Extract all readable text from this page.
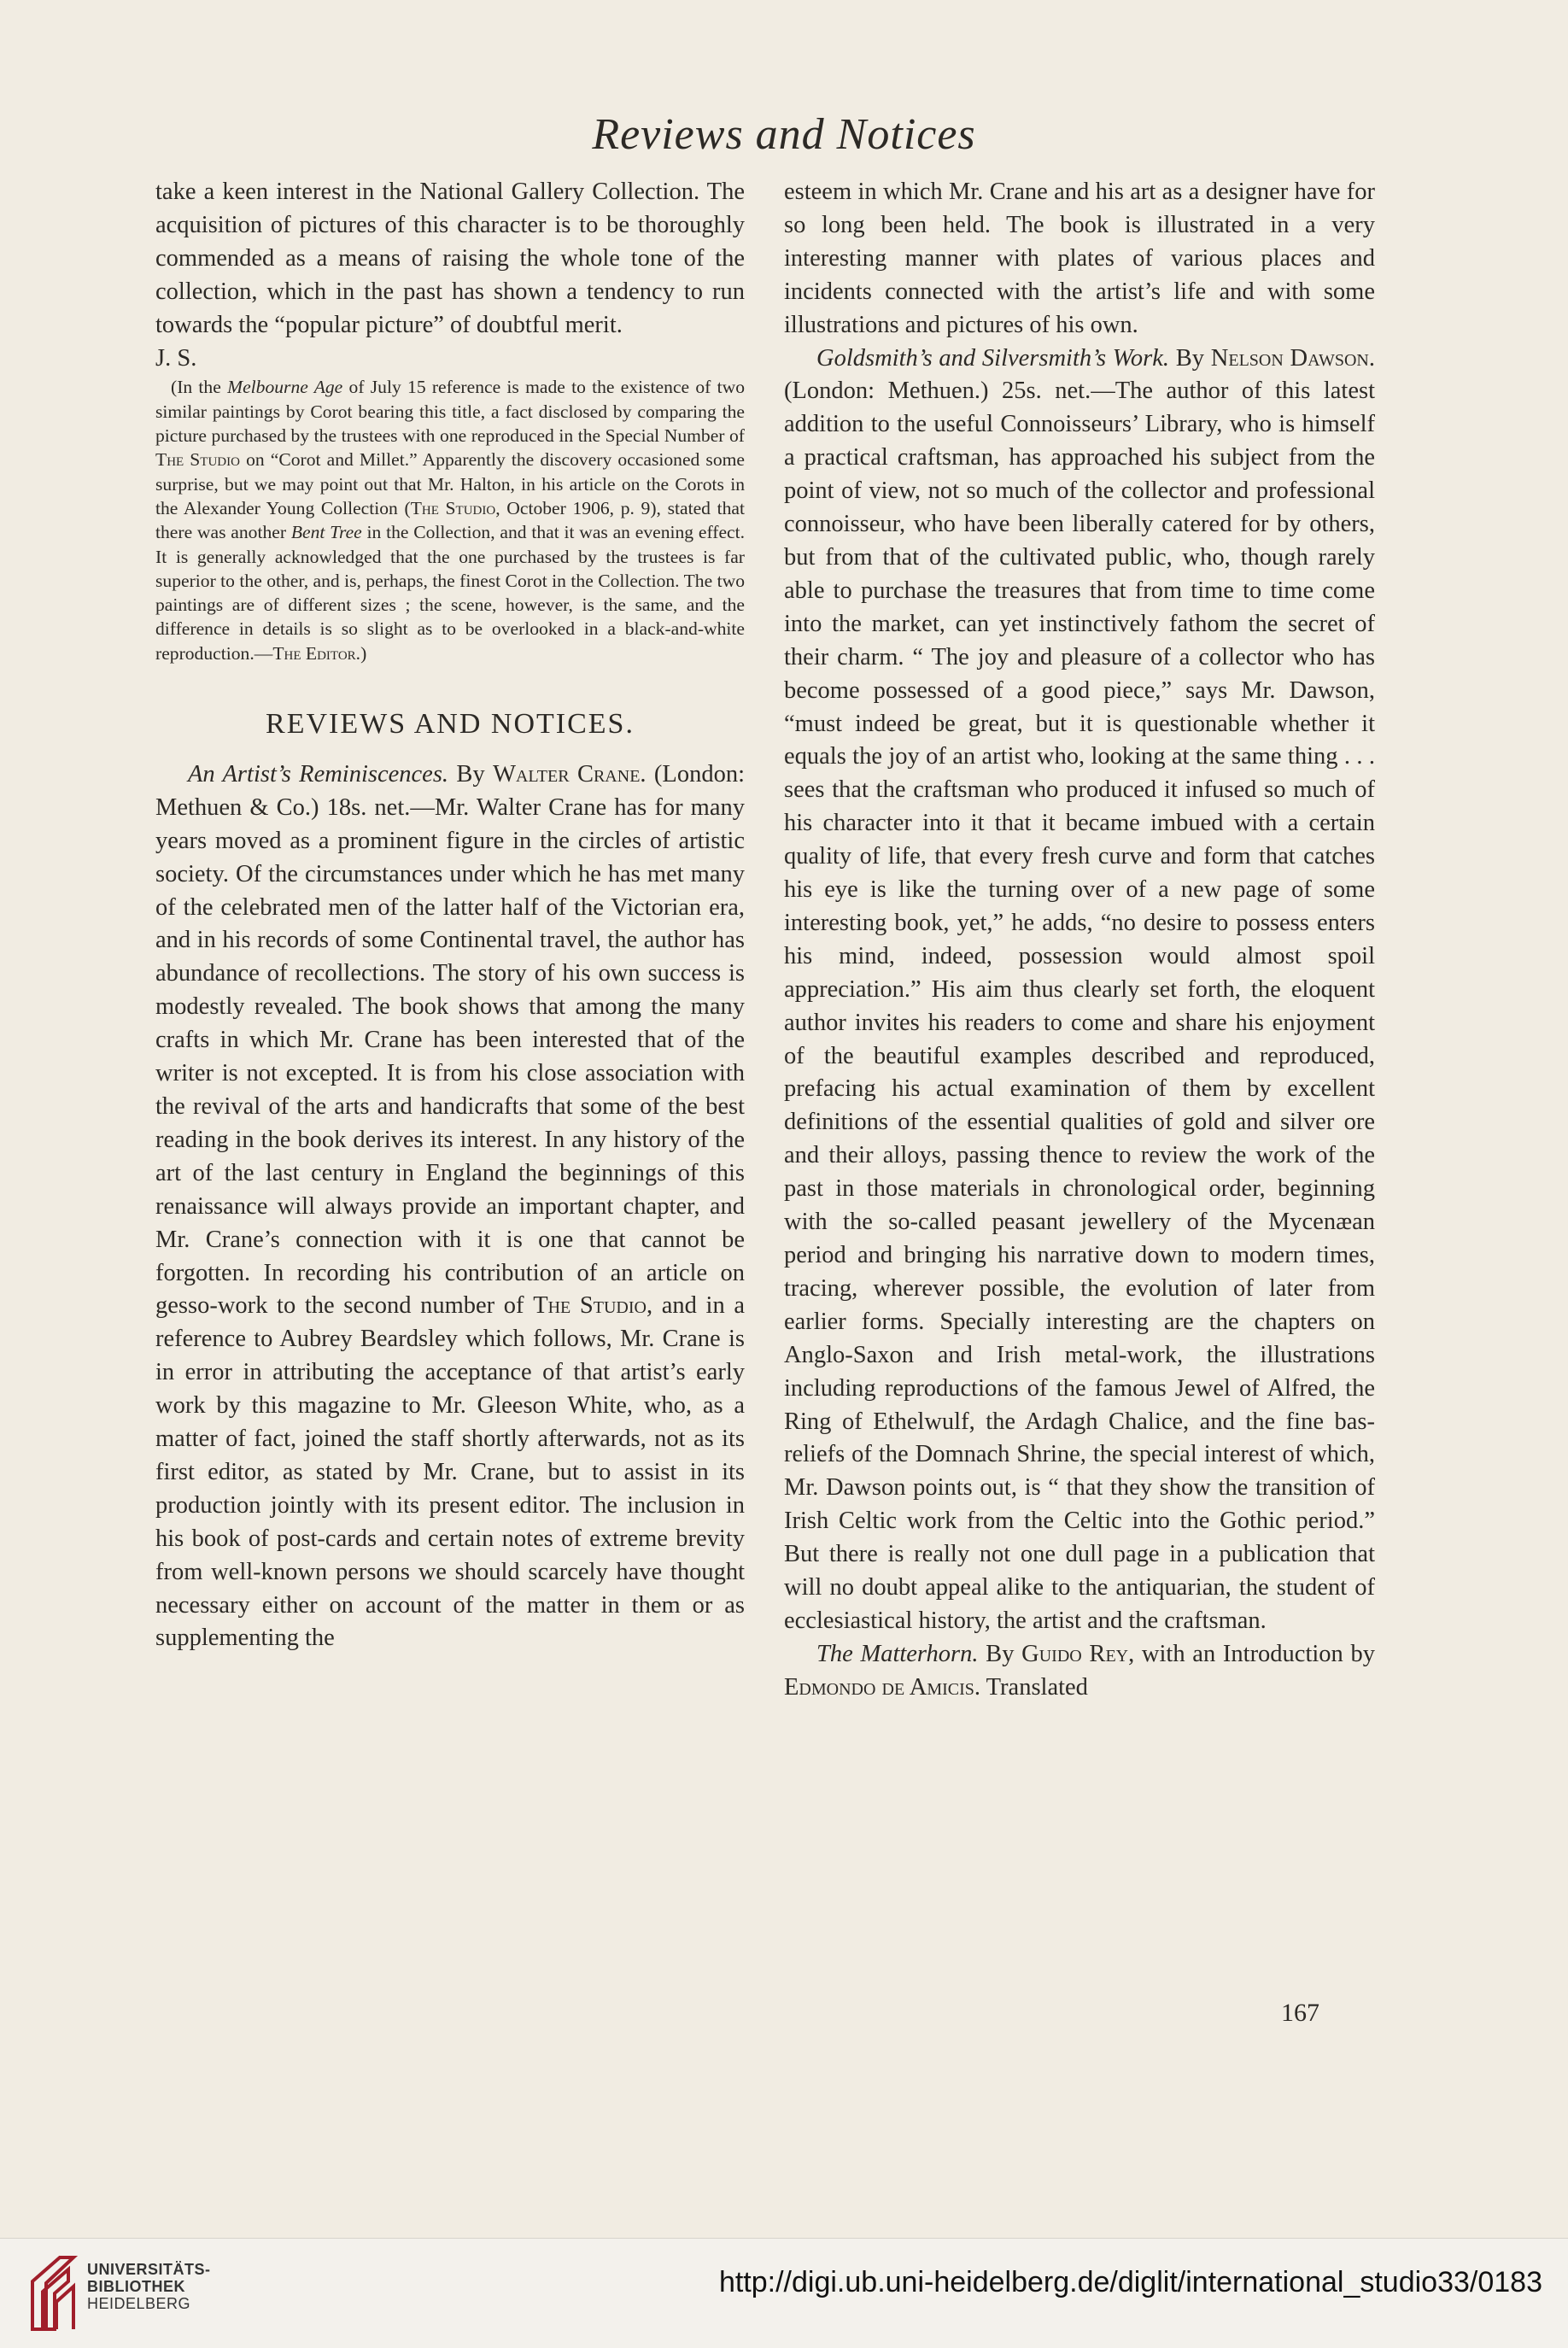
Reviews and Notices

take a keen interest in the National Gallery Collection. The acquisition of pictures of this character is to be thoroughly commended as a means of raising the whole tone of the collection, which in the past has shown a tendency to run towards the “popular picture” of doubtful merit.

J. S.

(In the Melbourne Age of July 15 reference is made to the existence of two similar paintings by Corot bearing this title, a fact disclosed by comparing the picture purchased by the trustees with one reproduced in the Special Number of The Studio on “Corot and Millet.” Apparently the discovery occasioned some surprise, but we may point out that Mr. Halton, in his article on the Corots in the Alexander Young Collection (The Studio, October 1906, p. 9), stated that there was another Bent Tree in the Collection, and that it was an evening effect. It is generally acknowledged that the one purchased by the trustees is far superior to the other, and is, perhaps, the finest Corot in the Collection. The two paintings are of different sizes ; the scene, however, is the same, and the difference in details is so slight as to be overlooked in a black-and-white reproduction.—The Editor.)

REVIEWS AND NOTICES.

An Artist’s Reminiscences. By Walter Crane. (London: Methuen & Co.) 18s. net.—Mr. Walter Crane has for many years moved as a prominent figure in the circles of artistic society. Of the circumstances under which he has met many of the celebrated men of the latter half of the Victorian era, and in his records of some Continental travel, the author has abundance of recollections. The story of his own success is modestly revealed. The book shows that among the many crafts in which Mr. Crane has been interested that of the writer is not excepted. It is from his close association with the revival of the arts and handicrafts that some of the best reading in the book derives its interest. In any history of the art of the last century in England the beginnings of this renaissance will always provide an important chapter, and Mr. Crane’s connection with it is one that cannot be forgotten. In recording his contribution of an article on gesso-work to the second number of The Studio, and in a reference to Aubrey Beardsley which follows, Mr. Crane is in error in attributing the acceptance of that artist’s early work by this magazine to Mr. Gleeson White, who, as a matter of fact, joined the staff shortly afterwards, not as its first editor, as stated by Mr. Crane, but to assist in its production jointly with its present editor. The inclusion in his book of post-cards and certain notes of extreme brevity from well-known persons we should scarcely have thought necessary either on account of the matter in them or as supplementing the

esteem in which Mr. Crane and his art as a designer have for so long been held. The book is illustrated in a very interesting manner with plates of various places and incidents connected with the artist’s life and with some illustrations and pictures of his own.

Goldsmith’s and Silversmith’s Work. By Nelson Dawson. (London: Methuen.) 25s. net.—The author of this latest addition to the useful Connoisseurs’ Library, who is himself a practical craftsman, has approached his subject from the point of view, not so much of the collector and professional connoisseur, who have been liberally catered for by others, but from that of the cultivated public, who, though rarely able to purchase the treasures that from time to time come into the market, can yet instinctively fathom the secret of their charm. “ The joy and pleasure of a collector who has become possessed of a good piece,” says Mr. Dawson, “must indeed be great, but it is questionable whether it equals the joy of an artist who, looking at the same thing . . . sees that the craftsman who produced it infused so much of his character into it that it became imbued with a certain quality of life, that every fresh curve and form that catches his eye is like the turning over of a new page of some interesting book, yet,” he adds, “no desire to possess enters his mind, indeed, possession would almost spoil appreciation.” His aim thus clearly set forth, the eloquent author invites his readers to come and share his enjoyment of the beautiful examples described and reproduced, prefacing his actual examination of them by excellent definitions of the essential qualities of gold and silver ore and their alloys, passing thence to review the work of the past in those materials in chronological order, beginning with the so-called peasant jewellery of the Mycenæan period and bringing his narrative down to modern times, tracing, wherever possible, the evolution of later from earlier forms. Specially interesting are the chapters on Anglo-Saxon and Irish metal-work, the illustrations including reproductions of the famous Jewel of Alfred, the Ring of Ethelwulf, the Ardagh Chalice, and the fine bas-reliefs of the Domnach Shrine, the special interest of which, Mr. Dawson points out, is “ that they show the transition of Irish Celtic work from the Celtic into the Gothic period.” But there is really not one dull page in a publication that will no doubt appeal alike to the antiquarian, the student of ecclesiastical history, the artist and the craftsman.

The Matterhorn. By Guido Rey, with an Introduction by Edmondo de Amicis. Translated

167
UNIVERSITÄTS-
BIBLIOTHEK
HEIDELBERG
http://digi.ub.uni-heidelberg.de/diglit/international_studio33/0183
